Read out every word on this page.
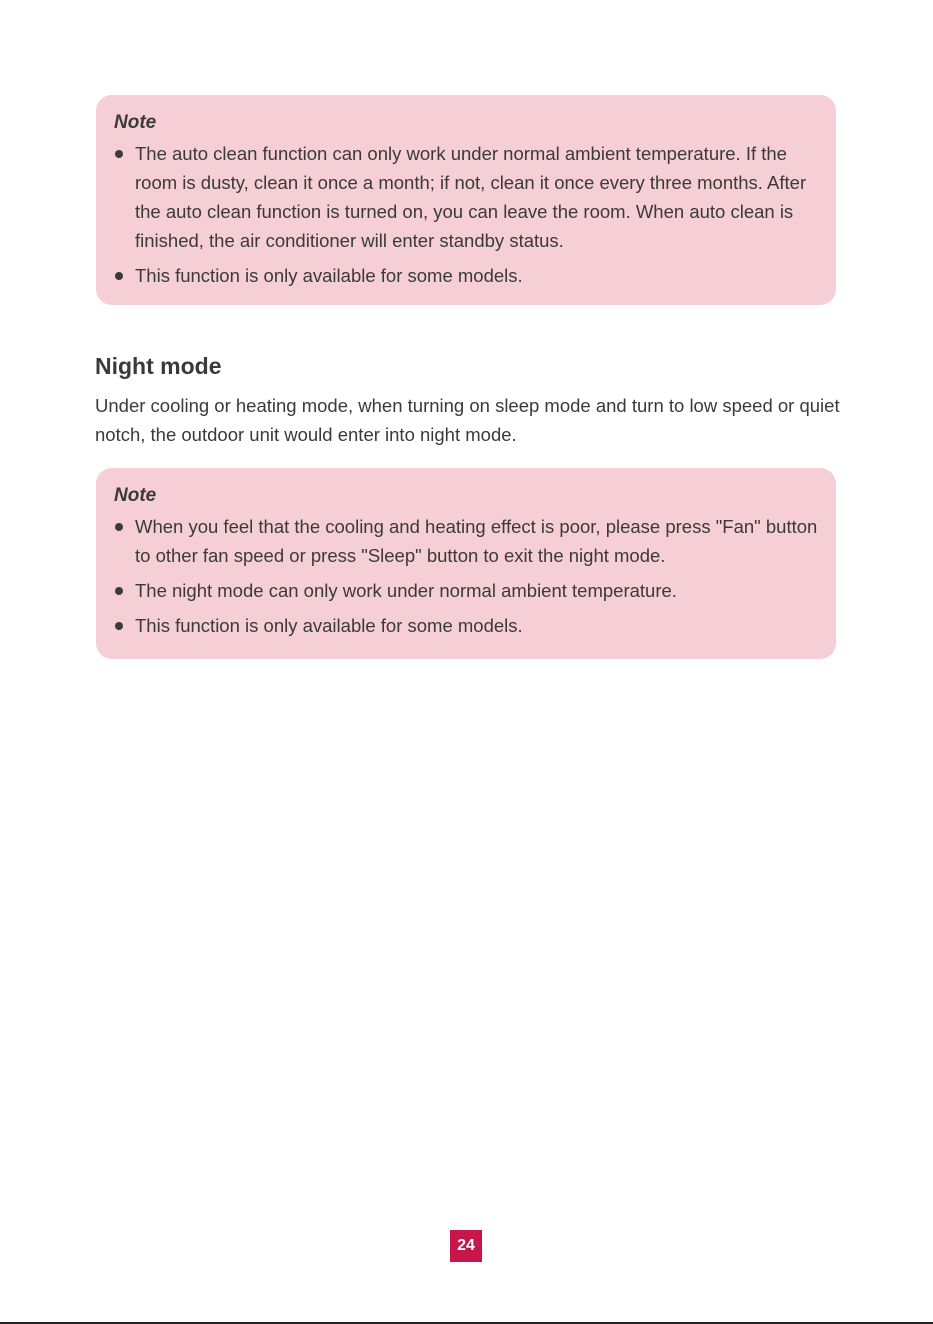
Note
The auto clean function can only work under normal ambient temperature. If the room is dusty, clean it once a month; if not, clean it once every three months. After the auto clean function is turned on, you can leave the room. When auto clean is finished, the air conditioner will enter standby status.
This function is only available for some models.
Night mode

Under cooling or heating mode, when turning on sleep mode and turn to low speed or quiet notch, the outdoor unit would enter into night mode.

Note
When you feel that the cooling and heating effect is poor, please press "Fan" button to other fan speed or press "Sleep" button to exit the night mode.
The night mode can only work under normal ambient temperature.
This function is only available for some models.
24
